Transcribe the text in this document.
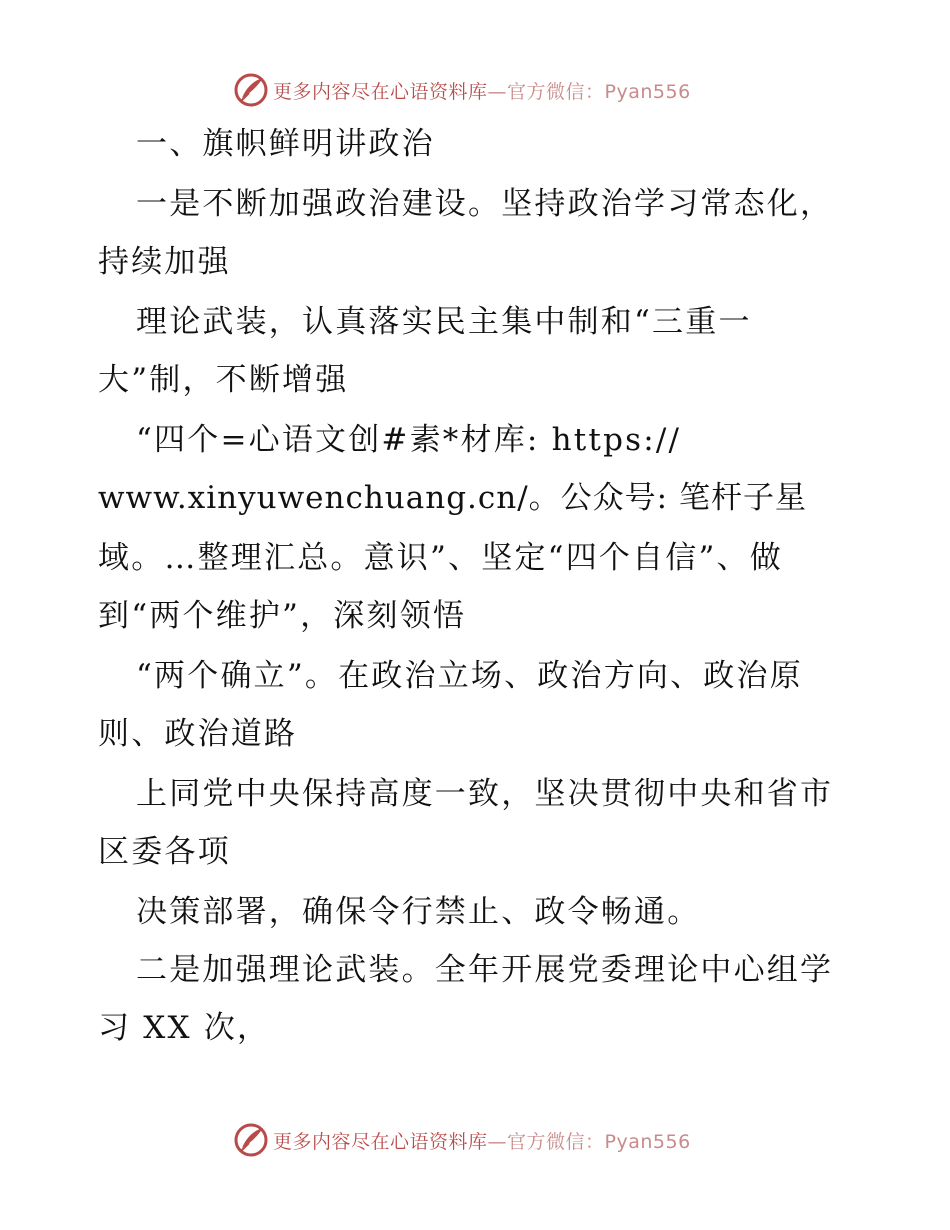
更多内容尽在心语资料库—官方微信：Pyan556
一、旗帜鲜明讲政治
一是不断加强政治建设。坚持政治学习常态化，
持续加强
理论武装，认真落实民主集中制和“三重一
大”制，不断增强
“四个=心语文创#素*材库: https://
www.xinyuwenchuang.cn/。公众号: 笔杆子星
域。…整理汇总。意识”、坚定“四个自信”、做
到“两个维护”，深刻领悟
“两个确立”。在政治立场、政治方向、政治原
则、政治道路
上同党中央保持高度一致，坚决贯彻中央和省市
区委各项
决策部署，确保令行禁止、政令畅通。
二是加强理论武装。全年开展党委理论中心组学
习 XX 次，
更多内容尽在心语资料库—官方微信：Pyan556
